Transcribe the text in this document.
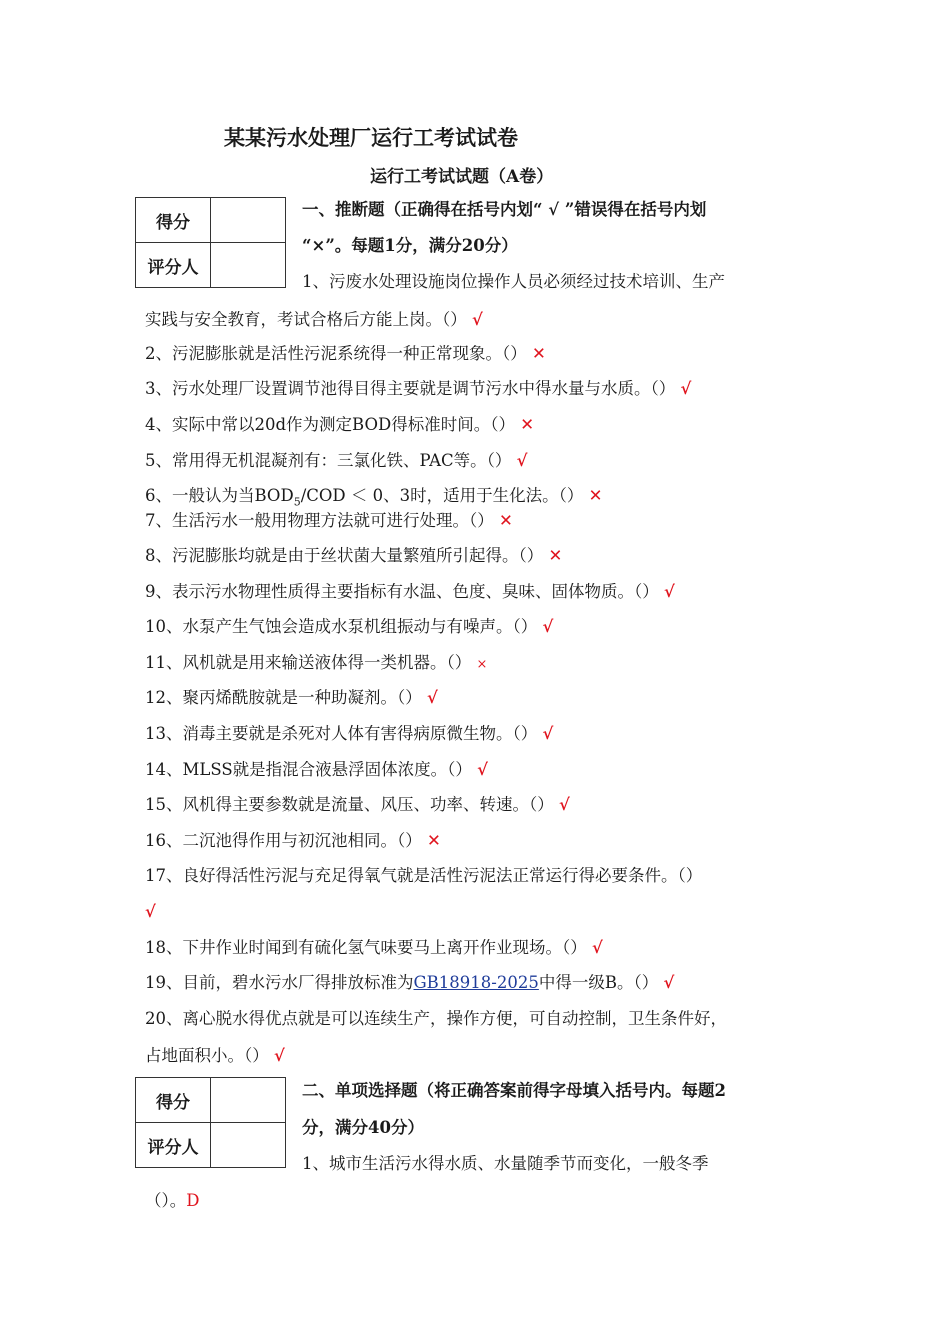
某某污水处理厂运行工考试试卷
运行工考试试题（A卷）
得分	
评分人	
一、推断题（正确得在括号内划“ √ ”错误得在括号内划
“×”。每题1分，满分20分）
1、污废水处理设施岗位操作人员必须经过技术培训、生产
实践与安全教育，考试合格后方能上岗。（） √
2、污泥膨胀就是活性污泥系统得一种正常现象。（） ✕
3、污水处理厂设置调节池得目得主要就是调节污水中得水量与水质。（） √
4、实际中常以20d作为测定BOD得标准时间。（） ✕
5、常用得无机混凝剂有：三氯化铁、PAC等。（） √
6、一般认为当$BOD_5$/COD ＜ 0、3时，适用于生化法。（） ✕
7、生活污水一般用物理方法就可进行处理。（） ✕
8、污泥膨胀均就是由于丝状菌大量繁殖所引起得。（） ✕
9、表示污水物理性质得主要指标有水温、色度、臭味、固体物质。（） √
10、水泵产生气蚀会造成水泵机组振动与有噪声。（） √
11、风机就是用来输送液体得一类机器。（） ×
12、聚丙烯酰胺就是一种助凝剂。（） √
13、消毒主要就是杀死对人体有害得病原微生物。（） √
14、MLSS就是指混合液悬浮固体浓度。（） √
15、风机得主要参数就是流量、风压、功率、转速。（） √
16、二沉池得作用与初沉池相同。（） ✕
17、良好得活性污泥与充足得氧气就是活性污泥法正常运行得必要条件。（）
√
18、下井作业时闻到有硫化氢气味要马上离开作业现场。（） √
19、目前，碧水污水厂得排放标准为GB18918-2025中得一级B。（） √
20、离心脱水得优点就是可以连续生产，操作方便，可自动控制，卫生条件好，
占地面积小。（） √
得分	
评分人	
二、单项选择题（将正确答案前得字母填入括号内。每题2
分，满分40分）
1、城市生活污水得水质、水量随季节而变化，一般冬季
（）。D
